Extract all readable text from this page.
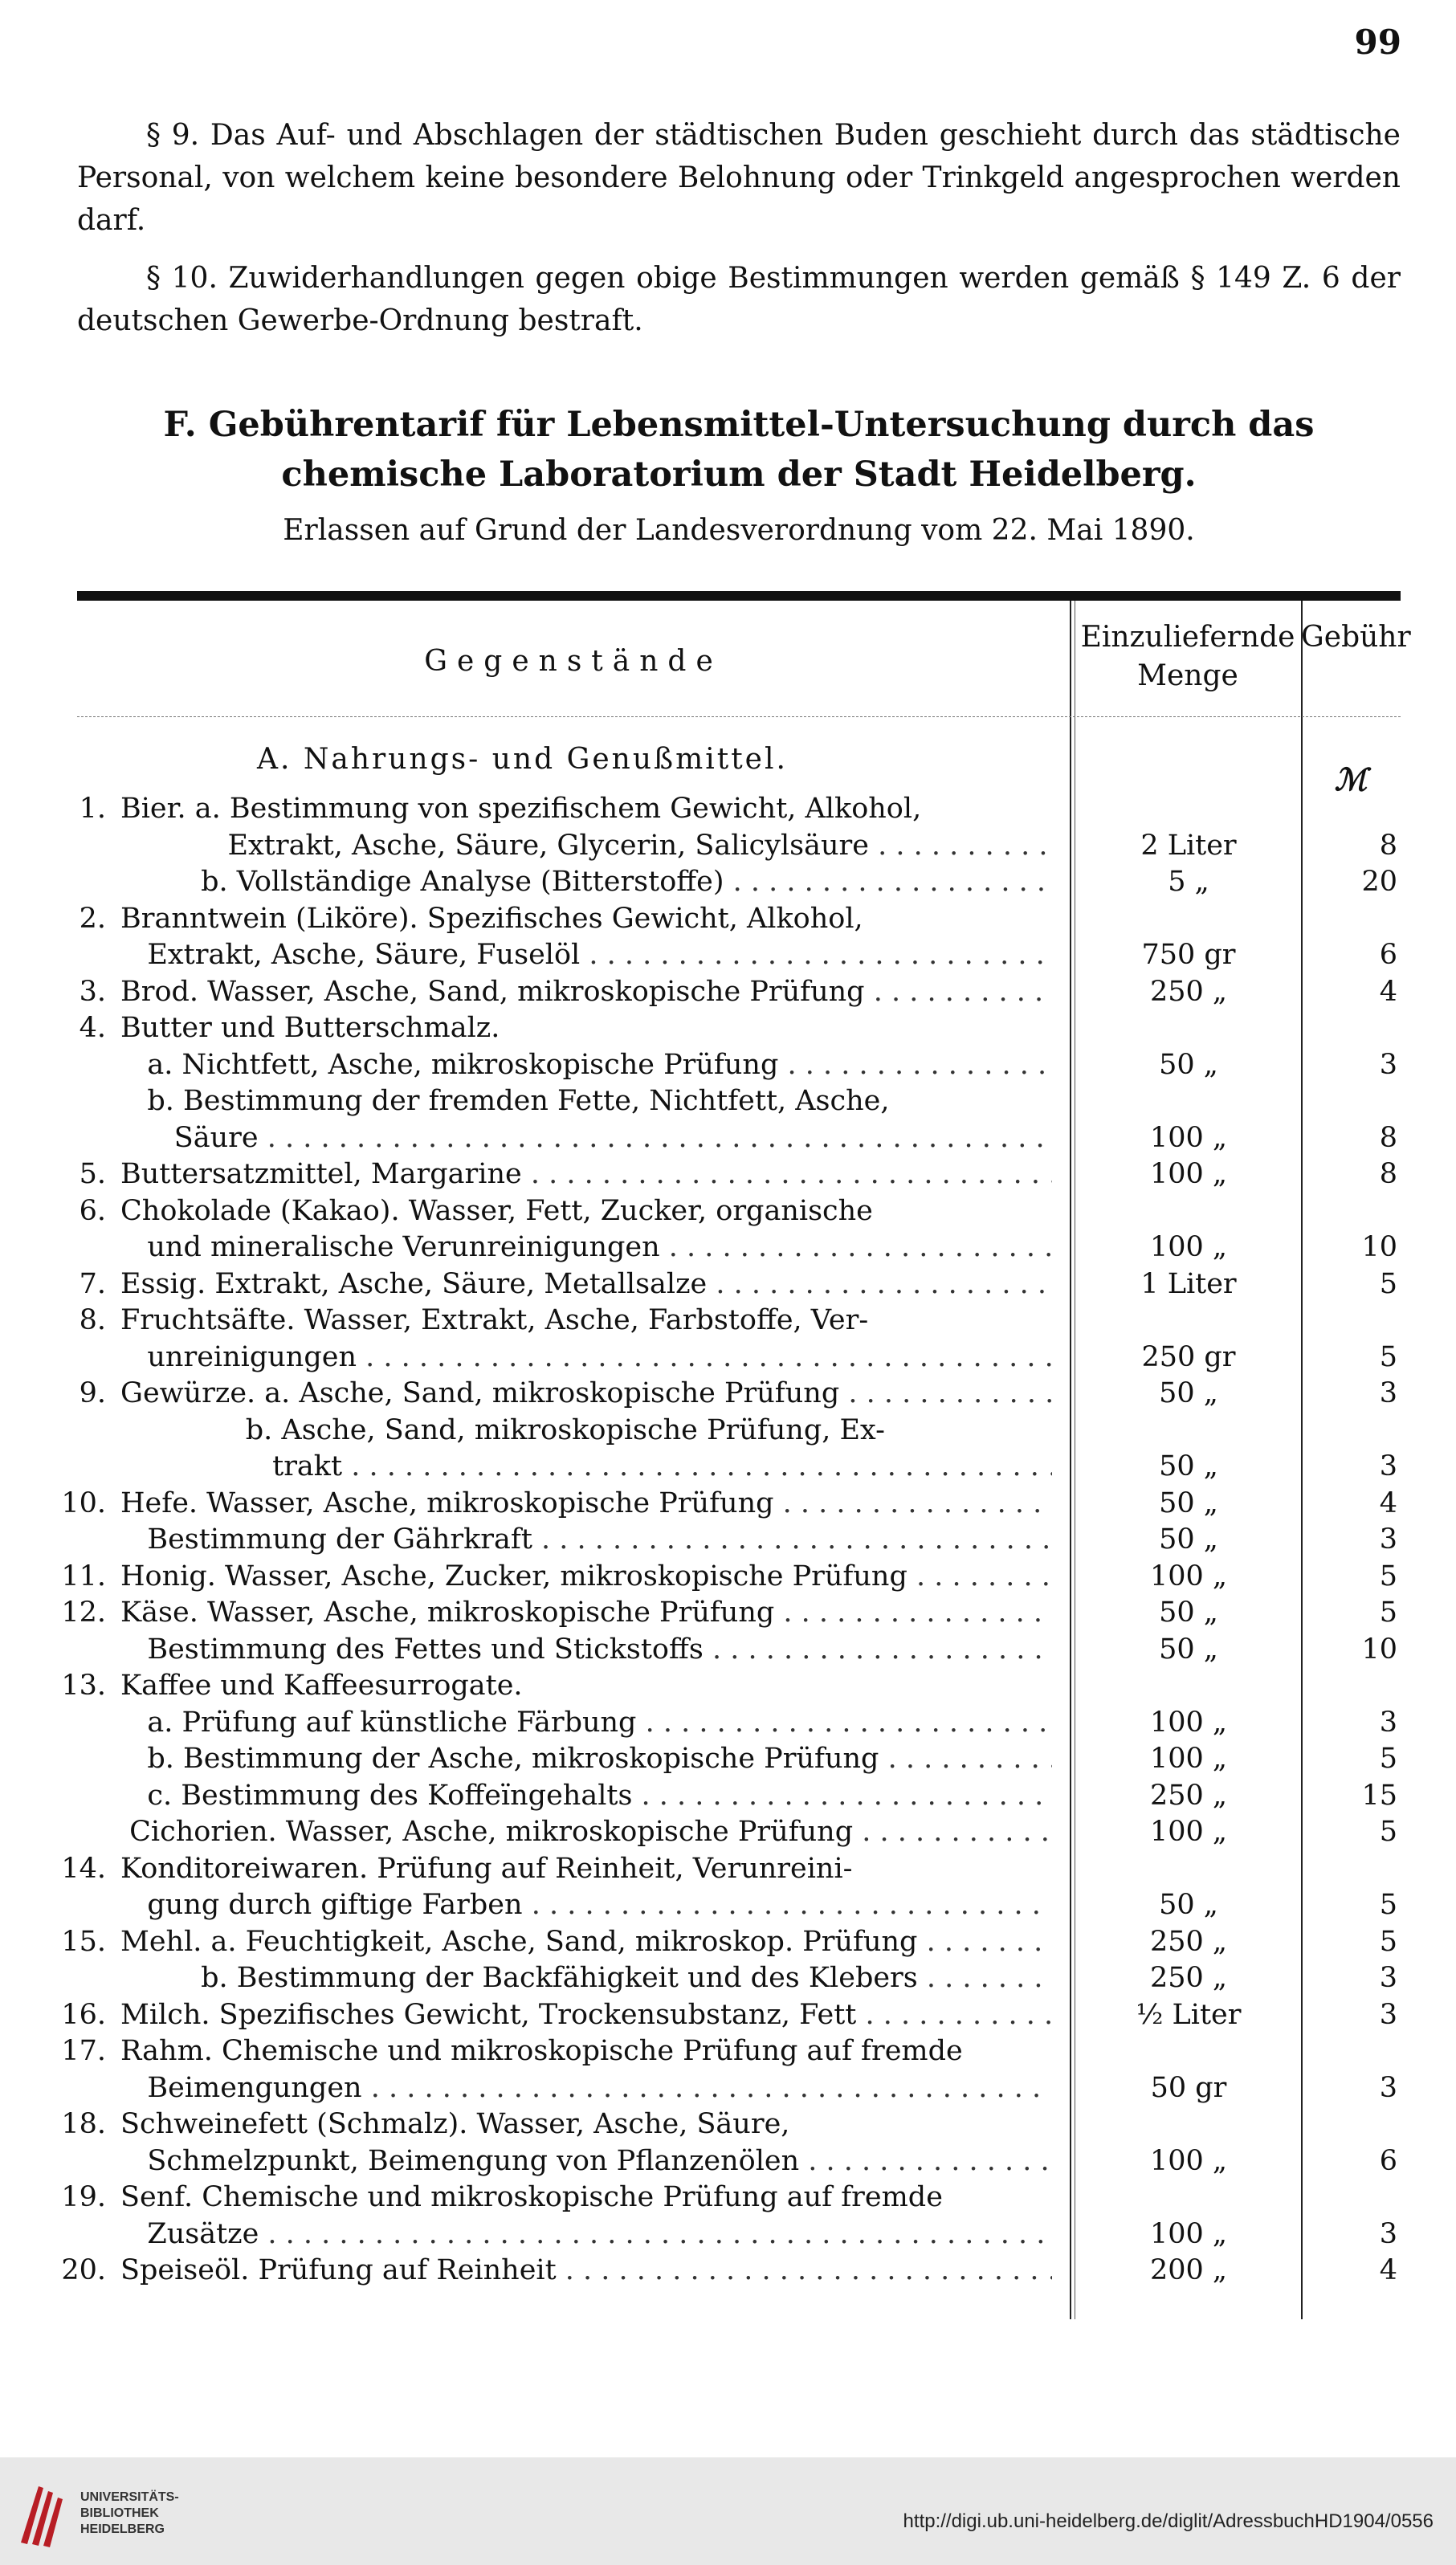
99

§ 9. Das Auf- und Abschlagen der städtischen Buden geschieht durch das städtische Personal, von welchem keine besondere Belohnung oder Trinkgeld angesprochen werden darf.

§ 10. Zuwiderhandlungen gegen obige Bestimmungen werden gemäß § 149 Z. 6 der deutschen Gewerbe-Ordnung bestraft.

F. Gebührentarif für Lebensmittel-Untersuchung durch das chemische Laboratorium der Stadt Heidelberg.

Erlassen auf Grund der Landesverordnung vom 22. Mai 1890.

Gegenstände
Einzuliefernde Menge
Gebühr
A. Nahrungs- und Genußmittel.
ℳ
1. Bier. a. Bestimmung von spezifischem Gewicht, Alkohol,
Extrakt, Asche, Säure, Glycerin, Salicylsäure . . .	2 Liter	8
b. Vollständige Analyse (Bitterstoffe) . . .	5 „	20
2. Branntwein (Liköre). Spezifisches Gewicht, Alkohol,
Extrakt, Asche, Säure, Fuselöl . . .	750 gr	6
3. Brod. Wasser, Asche, Sand, mikroskopische Prüfung . . .	250 „	4
4. Butter und Butterschmalz.
a. Nichtfett, Asche, mikroskopische Prüfung . . .	50 „	3
b. Bestimmung der fremden Fette, Nichtfett, Asche,
Säure . . .	100 „	8
5. Buttersatzmittel, Margarine . . .	100 „	8
6. Chokolade (Kakao). Wasser, Fett, Zucker, organische
und mineralische Verunreinigungen . . .	100 „	10
7. Essig. Extrakt, Asche, Säure, Metallsalze . . .	1 Liter	5
8. Fruchtsäfte. Wasser, Extrakt, Asche, Farbstoffe, Ver-
unreinigungen . . .	250 gr	5
9. Gewürze. a. Asche, Sand, mikroskopische Prüfung . . .	50 „	3
b. Asche, Sand, mikroskopische Prüfung, Ex-
trakt . . .	50 „	3
10. Hefe. Wasser, Asche, mikroskopische Prüfung . . .	50 „	4
Bestimmung der Gährkraft . . .	50 „	3
11. Honig. Wasser, Asche, Zucker, mikroskopische Prüfung . . .	100 „	5
12. Käse. Wasser, Asche, mikroskopische Prüfung . . .	50 „	5
Bestimmung des Fettes und Stickstoffs . . .	50 „	10
13. Kaffee und Kaffeesurrogate.
a. Prüfung auf künstliche Färbung . . .	100 „	3
b. Bestimmung der Asche, mikroskopische Prüfung . . .	100 „	5
c. Bestimmung des Koffeïngehalts . . .	250 „	15
Cichorien. Wasser, Asche, mikroskopische Prüfung . . .	100 „	5
14. Konditoreiwaren. Prüfung auf Reinheit, Verunreini-
gung durch giftige Farben . . .	50 „	5
15. Mehl. a. Feuchtigkeit, Asche, Sand, mikroskop. Prüfung . . .	250 „	5
b. Bestimmung der Backfähigkeit und des Klebers . . .	250 „	3
16. Milch. Spezifisches Gewicht, Trockensubstanz, Fett . . .	½ Liter	3
17. Rahm. Chemische und mikroskopische Prüfung auf fremde
Beimengungen . . .	50 gr	3
18. Schweinefett (Schmalz). Wasser, Asche, Säure,
Schmelzpunkt, Beimengung von Pflanzenölen . . .	100 „	6
19. Senf. Chemische und mikroskopische Prüfung auf fremde
Zusätze . . .	100 „	3
20. Speiseöl. Prüfung auf Reinheit . . .	200 „	4
UNIVERSITÄTS-
BIBLIOTHEK
HEIDELBERG	http://digi.ub.uni-heidelberg.de/diglit/AdressbuchHD1904/0556
